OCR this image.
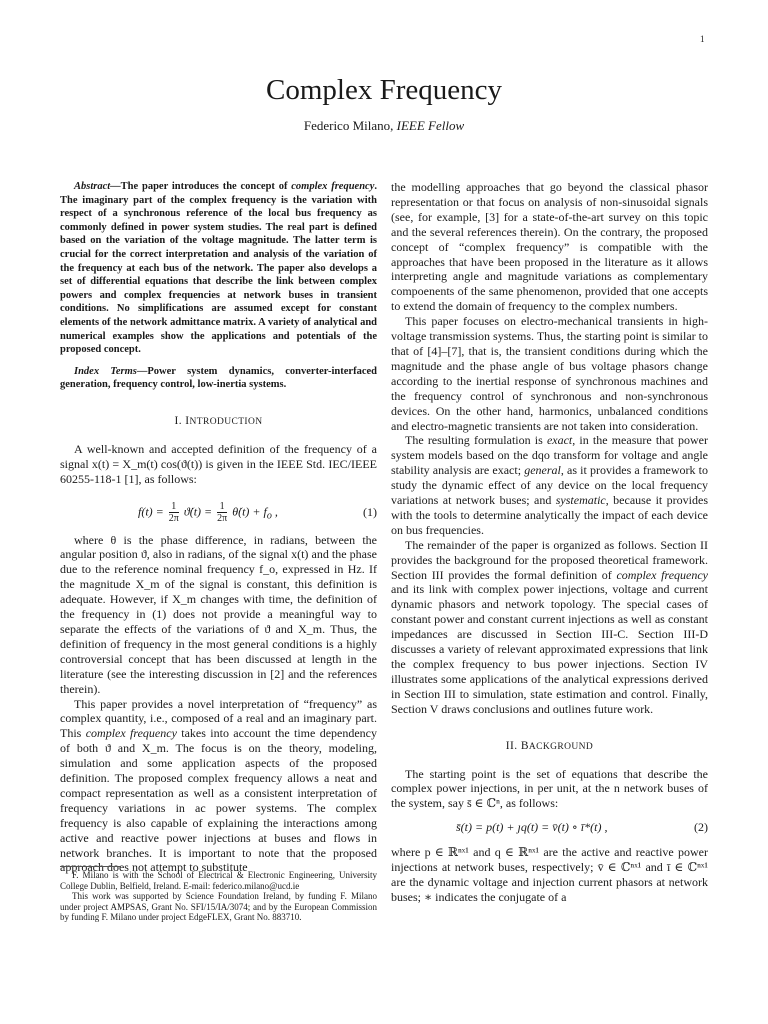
1
Complex Frequency
Federico Milano, IEEE Fellow

Abstract—The paper introduces the concept of complex frequency. The imaginary part of the complex frequency is the variation with respect of a synchronous reference of the local bus frequency as commonly defined in power system studies. The real part is defined based on the variation of the voltage magnitude. The latter term is crucial for the correct interpretation and analysis of the variation of the frequency at each bus of the network. The paper also develops a set of differential equations that describe the link between complex powers and complex frequencies at network buses in transient conditions. No simplifications are assumed except for constant elements of the network admittance matrix. A variety of analytical and numerical examples show the applications and potentials of the proposed concept.

Index Terms—Power system dynamics, converter-interfaced generation, frequency control, low-inertia systems.

I. INTRODUCTION

A well-known and accepted definition of the frequency of a signal x(t) = X_m(t) cos(ϑ(t)) is given in the IEEE Std. IEC/IEEE 60255-118-1 [1], as follows:

$f(t) = \frac{1}{2\pi}$ ϑ̇(t) = $\frac{1}{2\pi}$ θ̇(t) + $f_o$ ,	(1)

where θ is the phase difference, in radians, between the angular position ϑ, also in radians, of the signal x(t) and the phase due to the reference nominal frequency f_o, expressed in Hz. If the magnitude X_m of the signal is constant, this definition is adequate. However, if X_m changes with time, the definition of the frequency in (1) does not provide a meaningful way to separate the effects of the variations of ϑ and X_m. Thus, the definition of frequency in the most general conditions is a highly controversial concept that has been discussed at length in the literature (see the interesting discussion in [2] and the references therein).

This paper provides a novel interpretation of “frequency” as complex quantity, i.e., composed of a real and an imaginary part. This complex frequency takes into account the time dependency of both ϑ and X_m. The focus is on the theory, modeling, simulation and some application aspects of the proposed definition. The proposed complex frequency allows a neat and compact representation as well as a consistent interpretation of frequency variations in ac power systems. The complex frequency is also capable of explaining the interactions among active and reactive power injections at buses and flows in network branches. It is important to note that the proposed approach does not attempt to substitute

F. Milano is with the School of Electrical & Electronic Engineering, University College Dublin, Belfield, Ireland. E-mail: federico.milano@ucd.ie

This work was supported by Science Foundation Ireland, by funding F. Milano under project AMPSAS, Grant No. SFI/15/IA/3074; and by the European Commission by funding F. Milano under project EdgeFLEX, Grant No. 883710.

the modelling approaches that go beyond the classical phasor representation or that focus on analysis of non-sinusoidal signals (see, for example, [3] for a state-of-the-art survey on this topic and the several references therein). On the contrary, the proposed concept of “complex frequency” is compatible with the approaches that have been proposed in the literature as it allows interpreting angle and magnitude variations as complementary compoenents of the same phenomenon, provided that one accepts to extend the domain of frequency to the complex numbers.

This paper focuses on electro-mechanical transients in high-voltage transmission systems. Thus, the starting point is similar to that of [4]–[7], that is, the transient conditions during which the magnitude and the phase angle of bus voltage phasors change according to the inertial response of synchronous machines and the frequency control of synchronous and non-synchronous devices. On the other hand, harmonics, unbalanced conditions and electro-magnetic transients are not taken into consideration.

The resulting formulation is exact, in the measure that power system models based on the dqo transform for voltage and angle stability analysis are exact; general, as it provides a framework to study the dynamic effect of any device on the local frequency variations at network buses; and systematic, because it provides with the tools to determine analytically the impact of each device on bus frequencies.

The remainder of the paper is organized as follows. Section II provides the background for the proposed theoretical framework. Section III provides the formal definition of complex frequency and its link with complex power injections, voltage and current dynamic phasors and network topology. The special cases of constant power and constant current injections as well as constant impedances are discussed in Section III-C. Section III-D discusses a variety of relevant approximated expressions that link the complex frequency to bus power injections. Section IV illustrates some applications of the analytical expressions derived in Section III to simulation, state estimation and control. Finally, Section V draws conclusions and outlines future work.

II. BACKGROUND

The starting point is the set of equations that describe the complex power injections, in per unit, at the n network buses of the system, say s̄ ∈ ℂⁿ, as follows:

s̄(t) = p(t) + ȷq(t) = v̄(t) ∘ ī*(t) ,	(2)

where p ∈ ℝⁿˣ¹ and q ∈ ℝⁿˣ¹ are the active and reactive power injections at network buses, respectively; v̄ ∈ ℂⁿˣ¹ and ī ∈ ℂⁿˣ¹ are the dynamic voltage and injection current phasors at network buses; ∗ indicates the conjugate of a
